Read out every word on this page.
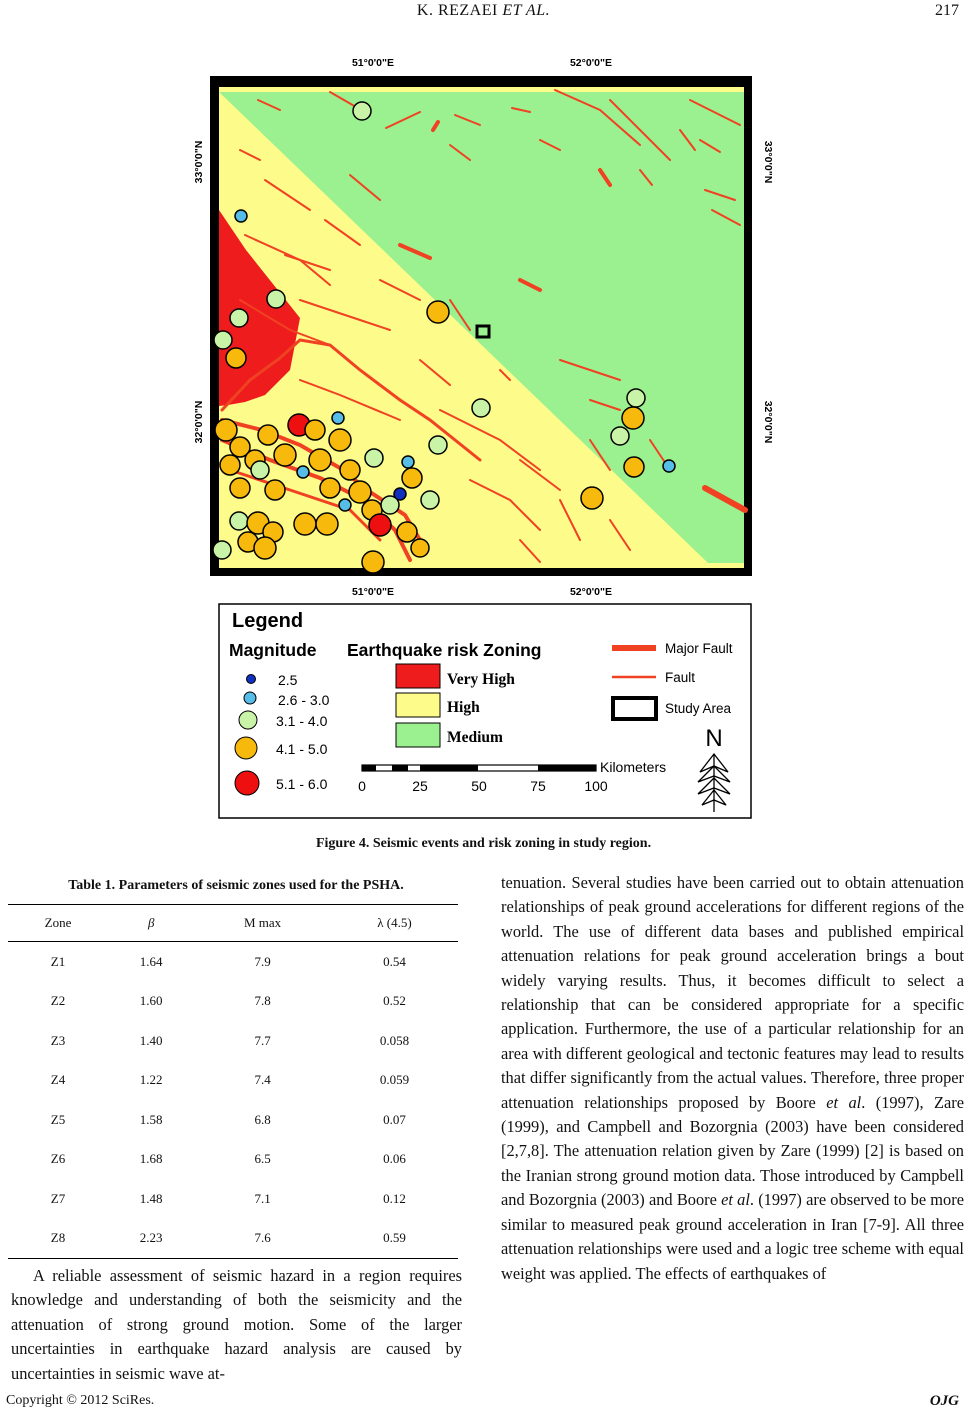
K. REZAEI ET AL.	217
51°0'0"E	52°0'0"E
51°0'0"E	52°0'0"E
33°0'0"N
32°0'0"N
33°0'0"N
32°0'0"N
Legend
Magnitude Earthquake risk Zoning
2.5
2.6 - 3.0
3.1 - 4.0
4.1 - 5.0
5.1 - 6.0
Very High
High
Medium
Major Fault
Fault
Study Area
Kilometers
0	25	50	75	100
N
Figure 4. Seismic events and risk zoning in study region.
Table 1. Parameters of seismic zones used for the PSHA.
Zone	β	M max	λ (4.5)
Z1	1.64	7.9	0.54
Z2	1.60	7.8	0.52
Z3	1.40	7.7	0.058
Z4	1.22	7.4	0.059
Z5	1.58	6.8	0.07
Z6	1.68	6.5	0.06
Z7	1.48	7.1	0.12
Z8	2.23	7.6	0.59
A reliable assessment of seismic hazard in a region requires knowledge and understanding of both the seismicity and the attenuation of strong ground motion. Some of the larger uncertainties in earthquake hazard analysis are caused by uncertainties in seismic wave at-
tenuation. Several studies have been carried out to obtain attenuation relationships of peak ground accelerations for different regions of the world. The use of different data bases and published empirical attenuation relations for peak ground acceleration brings a bout widely varying results. Thus, it becomes difficult to select a relationship that can be considered appropriate for a specific application. Furthermore, the use of a particular relationship for an area with different geological and tectonic features may lead to results that differ significantly from the actual values. Therefore, three proper attenuation relationships proposed by Boore et al. (1997), Zare (1999), and Campbell and Bozorgnia (2003) have been considered [2,7,8]. The attenuation relation given by Zare (1999) [2] is based on the Iranian strong ground motion data. Those introduced by Campbell and Bozorgnia (2003) and Boore et al. (1997) are observed to be more similar to measured peak ground acceleration in Iran [7-9]. All three attenuation relationships were used and a logic tree scheme with equal weight was applied. The effects of earthquakes of
Copyright © 2012 SciRes.	OJG
